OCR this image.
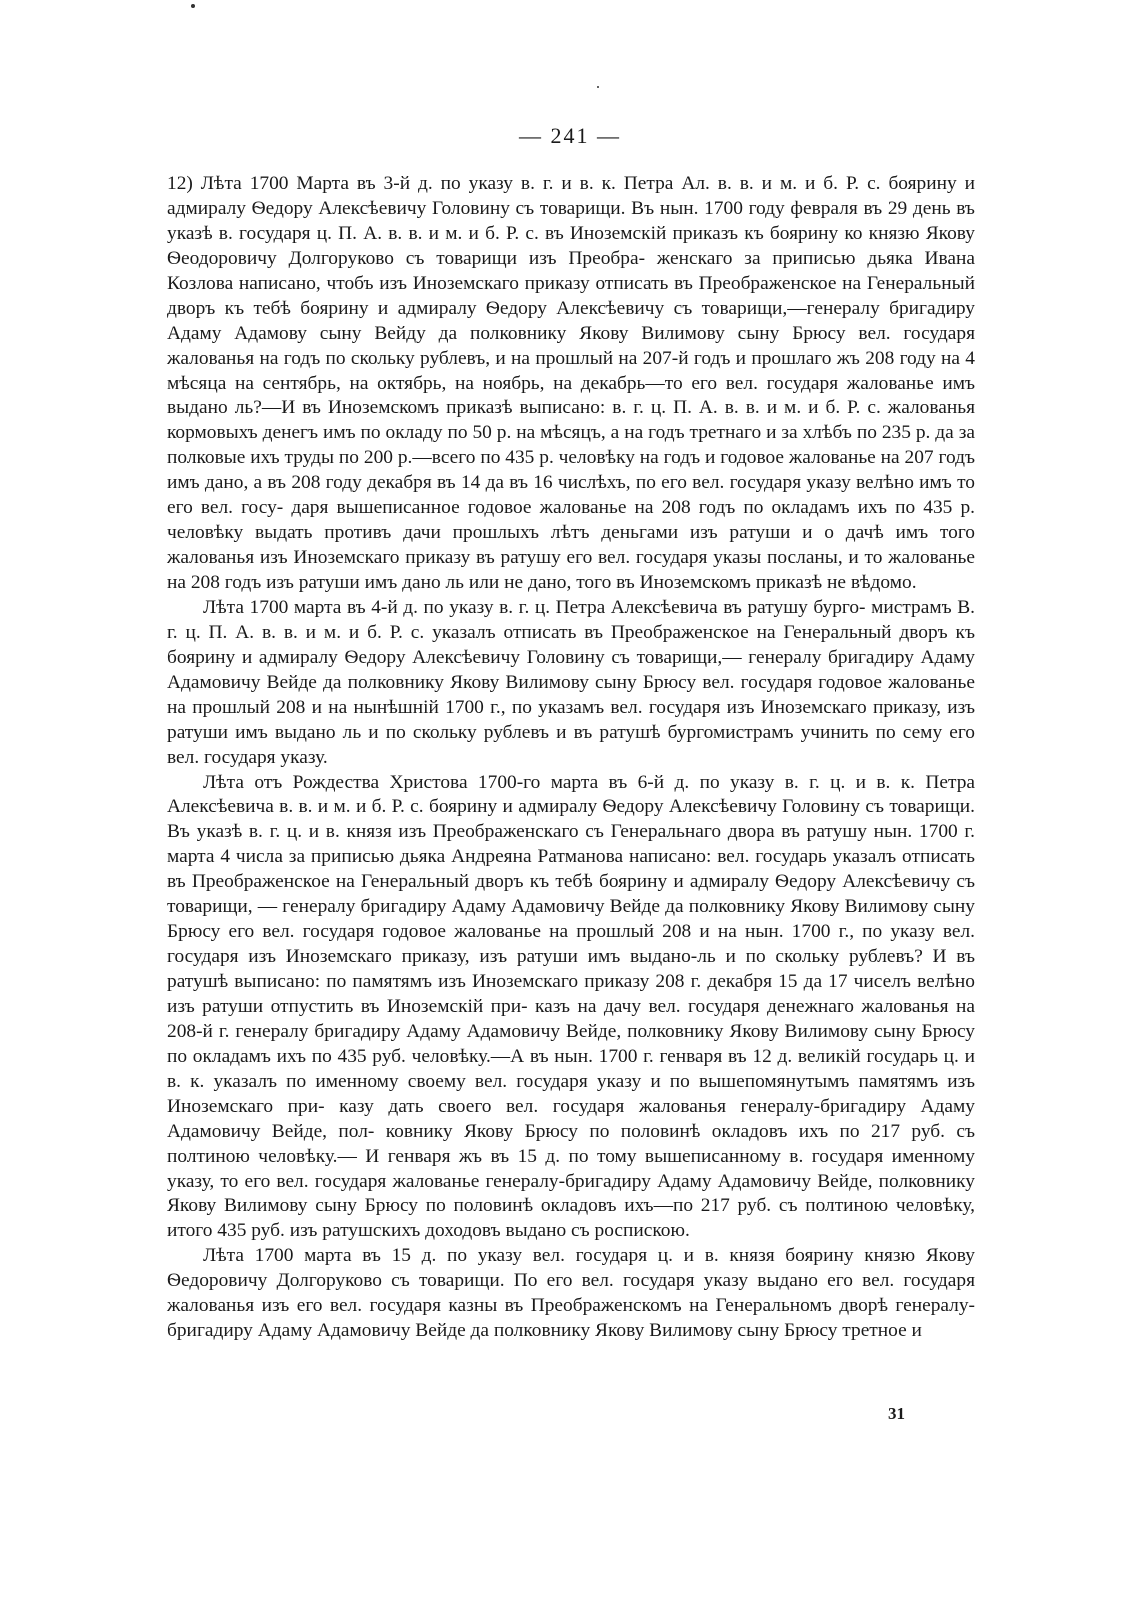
— 241 —

12) Лѣта 1700 Марта въ 3-й д. по указу в. г. и в. к. Петра Ал. в. в. и м. и б. Р. с. боярину и адмиралу Ѳедору Алексѣевичу Головину съ товарищи. Въ нын. 1700 году февраля въ 29 день въ указѣ в. государя ц. П. А. в. в. и м. и б. Р. с. въ Иноземскій приказъ къ боярину ко князю Якову Ѳеодоровичу Долгоруково съ товарищи изъ Преобра- женскаго за приписью дьяка Ивана Козлова написано, чтобъ изъ Иноземскаго приказу отписать въ Преображенское на Генеральный дворъ къ тебѣ боярину и адмиралу Ѳедору Алексѣевичу съ товарищи,—генералу бригадиру Адаму Адамову сыну Вейду да полковнику Якову Вилимову сыну Брюсу вел. государя жалованья на годъ по скольку рублевъ, и на прошлый на 207-й годъ и прошлаго жъ 208 году на 4 мѣсяца на сентябрь, на октябрь, на ноябрь, на декабрь—то его вел. государя жалованье имъ выдано ль?—И въ Иноземскомъ приказѣ выписано: в. г. ц. П. А. в. в. и м. и б. Р. с. жалованья кормовыхъ денегъ имъ по окладу по 50 р. на мѣсяцъ, а на годъ третнаго и за хлѣбъ по 235 р. да за полковые ихъ труды по 200 р.—всего по 435 р. человѣку на годъ и годовое жалованье на 207 годъ имъ дано, а въ 208 году декабря въ 14 да въ 16 числѣхъ, по его вел. государя указу велѣно имъ то его вел. госу- даря вышеписанное годовое жалованье на 208 годъ по окладамъ ихъ по 435 р. человѣку выдать противъ дачи прошлыхъ лѣтъ деньгами изъ ратуши и о дачѣ имъ того жалованья изъ Иноземскаго приказу въ ратушу его вел. государя указы посланы, и то жалованье на 208 годъ изъ ратуши имъ дано ль или не дано, того въ Иноземскомъ приказѣ не вѣдомо.

Лѣта 1700 марта въ 4-й д. по указу в. г. ц. Петра Алексѣевича въ ратушу бурго- мистрамъ В. г. ц. П. А. в. в. и м. и б. Р. с. указалъ отписать въ Преображенское на Генеральный дворъ къ боярину и адмиралу Ѳедору Алексѣевичу Головину съ товарищи,— генералу бригадиру Адаму Адамовичу Вейде да полковнику Якову Вилимову сыну Брюсу вел. государя годовое жалованье на прошлый 208 и на нынѣшній 1700 г., по указамъ вел. государя изъ Иноземскаго приказу, изъ ратуши имъ выдано ль и по скольку рублевъ и въ ратушѣ бургомистрамъ учинить по сему его вел. государя указу.

Лѣта отъ Рождества Христова 1700-го марта въ 6-й д. по указу в. г. ц. и в. к. Петра Алексѣевича в. в. и м. и б. Р. с. боярину и адмиралу Ѳедору Алексѣевичу Головину съ товарищи. Въ указѣ в. г. ц. и в. князя изъ Преображенскаго съ Генеральнаго двора въ ратушу нын. 1700 г. марта 4 числа за приписью дьяка Андреяна Ратманова написано: вел. государь указалъ отписать въ Преображенское на Генеральный дворъ къ тебѣ боярину и адмиралу Ѳедору Алексѣевичу съ товарищи, — генералу бригадиру Адаму Адамовичу Вейде да полковнику Якову Вилимову сыну Брюсу его вел. государя годовое жалованье на прошлый 208 и на нын. 1700 г., по указу вел. государя изъ Иноземскаго приказу, изъ ратуши имъ выдано-ль и по скольку рублевъ? И въ ратушѣ выписано: по памятямъ изъ Иноземскаго приказу 208 г. декабря 15 да 17 чиселъ велѣно изъ ратуши отпустить въ Иноземскій при- казъ на дачу вел. государя денежнаго жалованья на 208-й г. генералу бригадиру Адаму Адамовичу Вейде, полковнику Якову Вилимову сыну Брюсу по окладамъ ихъ по 435 руб. человѣку.—А въ нын. 1700 г. генваря въ 12 д. великій государь ц. и в. к. указалъ по именному своему вел. государя указу и по вышепомянутымъ памятямъ изъ Иноземскаго при- казу дать своего вел. государя жалованья генералу-бригадиру Адаму Адамовичу Вейде, пол- ковнику Якову Брюсу по половинѣ окладовъ ихъ по 217 руб. съ полтиною человѣку.— И генваря жъ въ 15 д. по тому вышеписанному в. государя именному указу, то его вел. государя жалованье генералу-бригадиру Адаму Адамовичу Вейде, полковнику Якову Вилимову сыну Брюсу по половинѣ окладовъ ихъ—по 217 руб. съ полтиною человѣку, итого 435 руб. изъ ратушскихъ доходовъ выдано съ роспискою.

Лѣта 1700 марта въ 15 д. по указу вел. государя ц. и в. князя боярину князю Якову Ѳедоровичу Долгоруково съ товарищи. По его вел. государя указу выдано его вел. государя жалованья изъ его вел. государя казны въ Преображенскомъ на Генеральномъ дворѣ генералу- бригадиру Адаму Адамовичу Вейде да полковнику Якову Вилимову сыну Брюсу третное и

31
